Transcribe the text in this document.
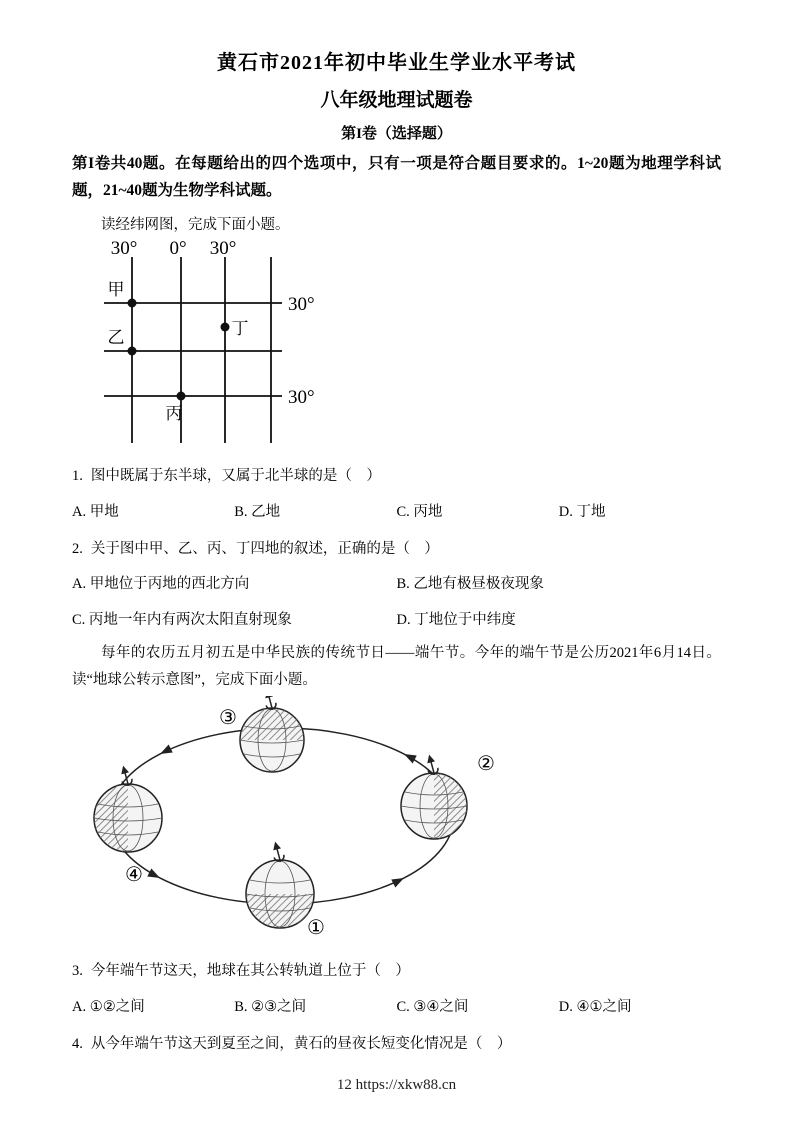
黄石市2021年初中毕业生学业水平考试
八年级地理试题卷
第I卷（选择题）
第I卷共40题。在每题给出的四个选项中，只有一项是符合题目要求的。1~20题为地理学科试题，21~40题为生物学科试题。
读经纬网图，完成下面小题。
30° 0° 30°
30°
30°
甲
乙	丁
丙
1. 图中既属于东半球，又属于北半球的是（　）
A. 甲地	B. 乙地	C. 丙地	D. 丁地
2. 关于图中甲、乙、丙、丁四地的叙述，正确的是（　）
A. 甲地位于丙地的西北方向	B. 乙地有极昼极夜现象
C. 丙地一年内有两次太阳直射现象	D. 丁地位于中纬度
每年的农历五月初五是中华民族的传统节日——端午节。今年的端午节是公历2021年6月14日。读“地球公转示意图”，完成下面小题。
③
②
④
①
3. 今年端午节这天，地球在其公转轨道上位于（　）
A. ①②之间	B. ②③之间	C. ③④之间	D. ④①之间
4. 从今年端午节这天到夏至之间，黄石的昼夜长短变化情况是（　）
12 https://xkw88.cn
